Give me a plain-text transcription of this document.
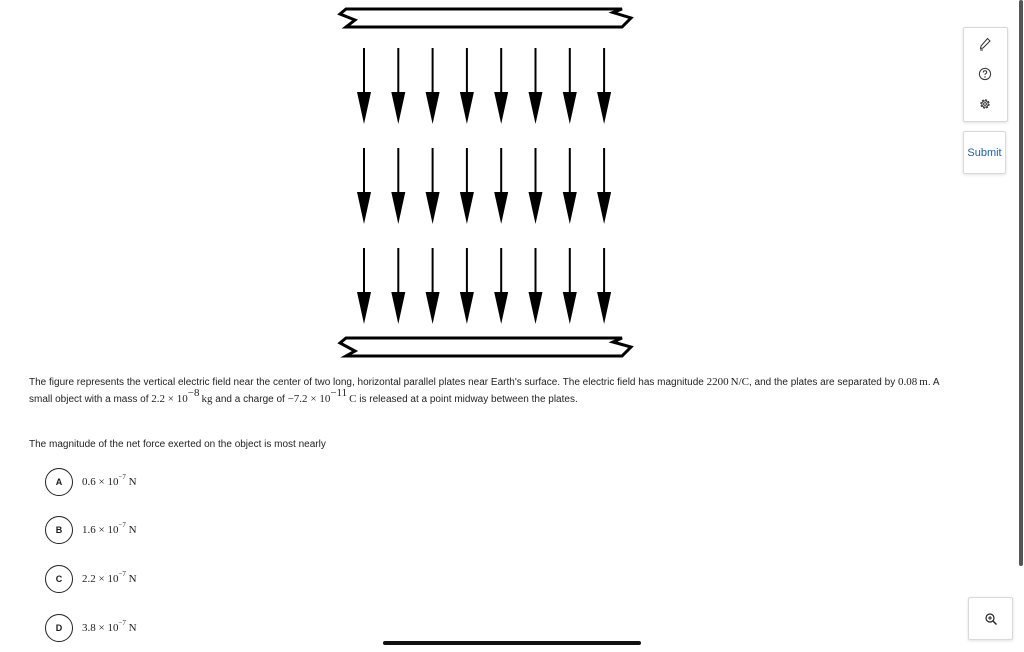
The figure represents the vertical electric field near the center of two long, horizontal parallel plates near Earth's surface. The electric field has magnitude 2200  N/C, and the plates are separated by 0.08  m. A small object with a mass of $2.2 \times 10^{-8}$  kg and a charge of $-7.2 \times 10^{-11}$  C is released at a point midway between the plates.
The magnitude of the net force exerted on the object is most nearly
A	$0.6 \times 10^{-7}$ N
B	$1.6 \times 10^{-7}$ N
C	$2.2 \times 10^{-7}$ N
D	$3.8 \times 10^{-7}$ N
Submit
